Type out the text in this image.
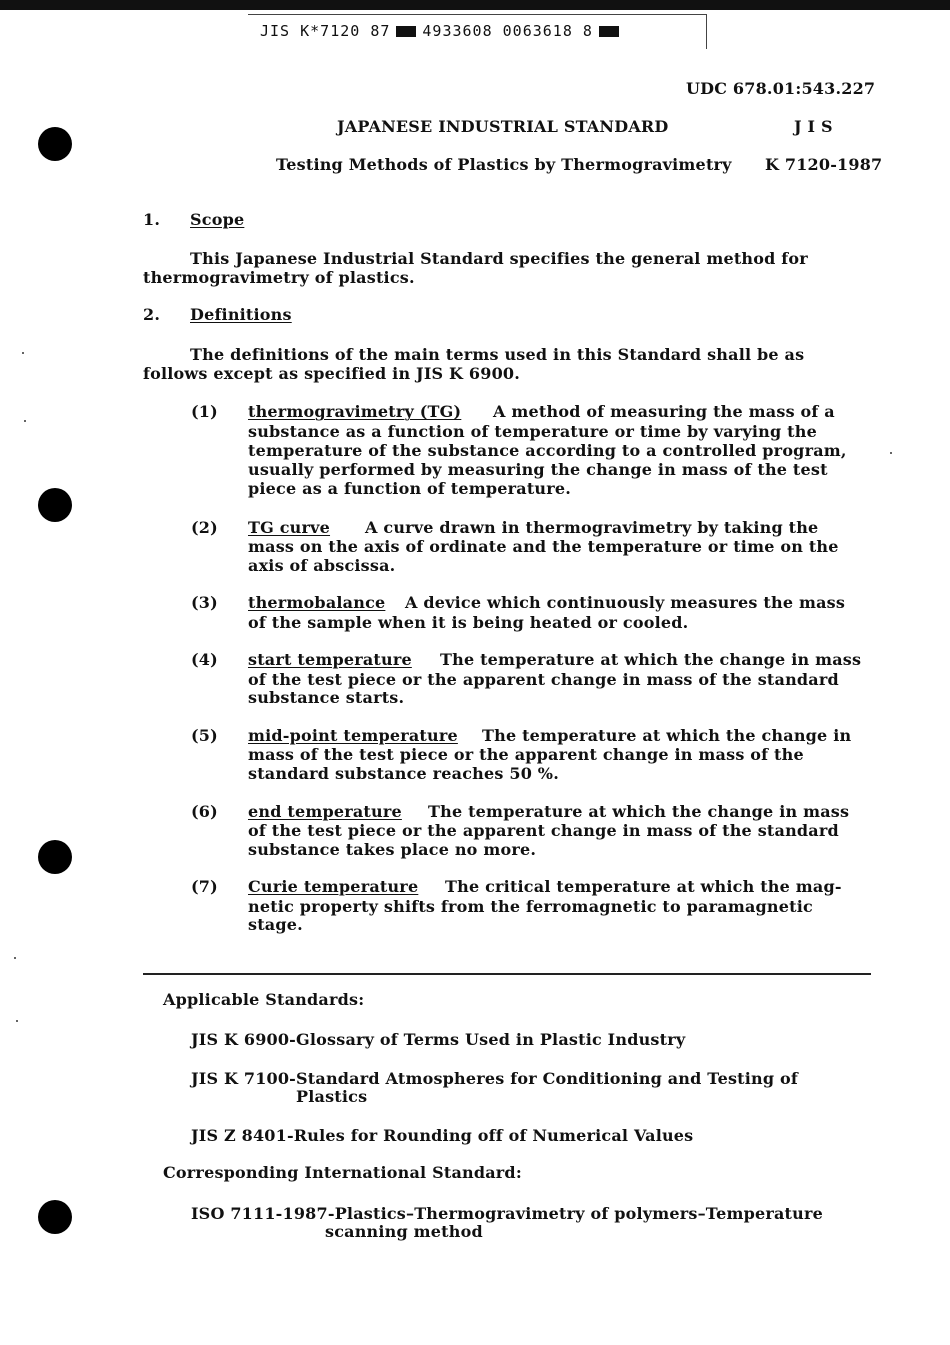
JIS K*7120 87 4933608 0063618 8
UDC 678.01:543.227
JAPANESE INDUSTRIAL STANDARD	J I S
Testing Methods of Plastics by Thermogravimetry K 7120-1987
1. Scope
This Japanese Industrial Standard specifies the general method for
thermogravimetry of plastics.
2. Definitions
The definitions of the main terms used in this Standard shall be as
follows except as specified in JIS K 6900.
(1) thermogravimetry (TG) A method of measuring the mass of a
substance as a function of temperature or time by varying the
temperature of the substance according to a controlled program,
usually performed by measuring the change in mass of the test
piece as a function of temperature.
(2) TG curve A curve drawn in thermogravimetry by taking the
mass on the axis of ordinate and the temperature or time on the
axis of abscissa.
(3) thermobalance A device which continuously measures the mass
of the sample when it is being heated or cooled.
(4) start temperature The temperature at which the change in mass
of the test piece or the apparent change in mass of the standard
substance starts.
(5) mid-point temperature The temperature at which the change in
mass of the test piece or the apparent change in mass of the
standard substance reaches 50 %.
(6) end temperature The temperature at which the change in mass
of the test piece or the apparent change in mass of the standard
substance takes place no more.
(7) Curie temperature The critical temperature at which the mag-
netic property shifts from the ferromagnetic to paramagnetic
stage.
Applicable Standards:
JIS K 6900-Glossary of Terms Used in Plastic Industry
JIS K 7100-Standard Atmospheres for Conditioning and Testing of
Plastics
JIS Z 8401-Rules for Rounding off of Numerical Values
Corresponding International Standard:
ISO 7111-1987-Plastics–Thermogravimetry of polymers–Temperature
scanning method
